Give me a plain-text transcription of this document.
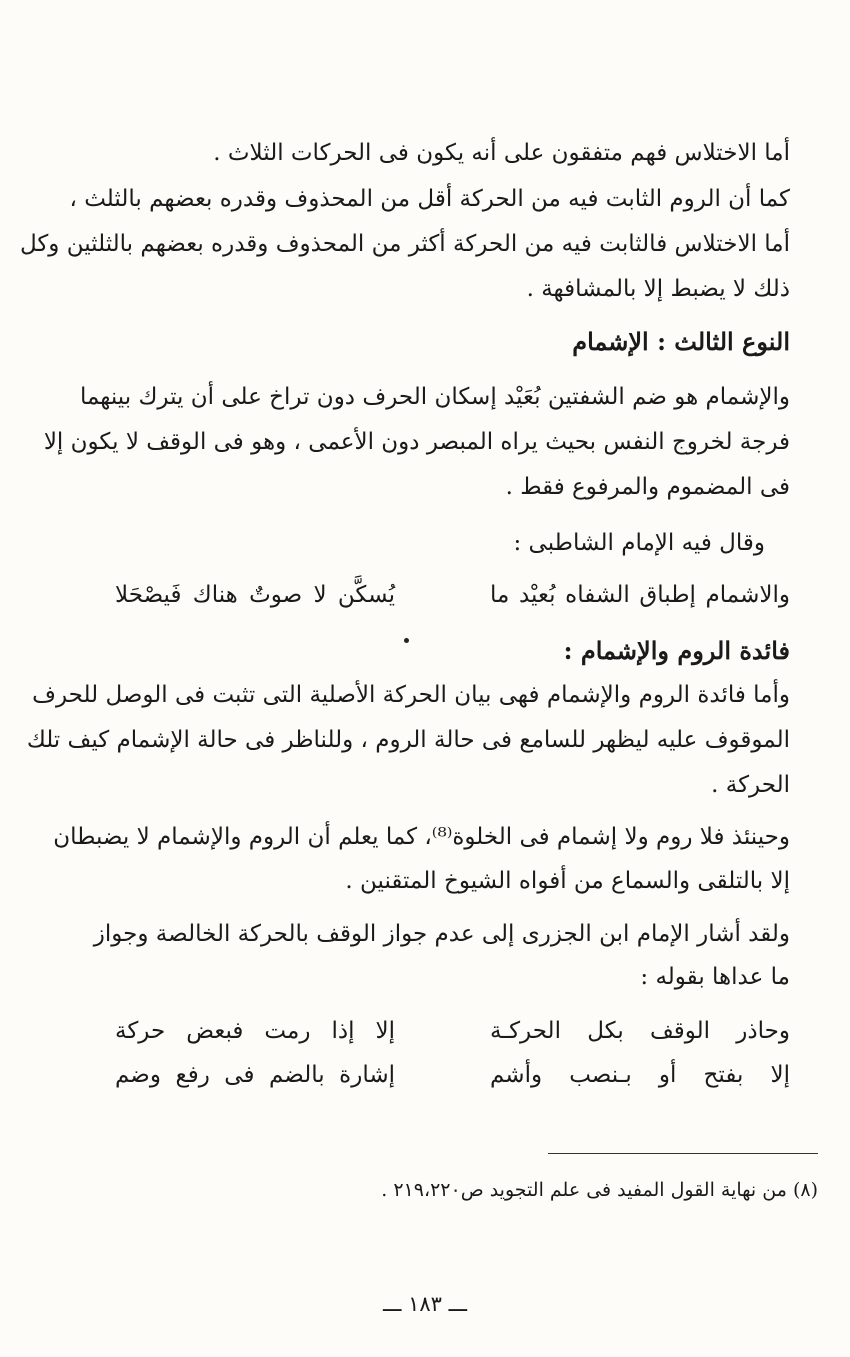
أما الاختلاس فهم متفقون على أنه يكون فى الحركات الثلاث .
كما أن الروم الثابت فيه من الحركة أقل من المحذوف وقدره بعضهم بالثلث ،
أما الاختلاس فالثابت فيه من الحركة أكثر من المحذوف وقدره بعضهم بالثلثين وكل
ذلك لا يضبط إلا بالمشافهة .
النوع الثالث : الإشمام
والإشمام هو ضم الشفتين بُعَيْد إسكان الحرف دون تراخ على أن يترك بينهما
فرجة لخروج النفس بحيث يراه المبصر دون الأعمى ، وهو فى الوقف لا يكون إلا
فى المضموم والمرفوع فقط .
وقال فيه الإمام الشاطبى :
والاشمام إطباق الشفاه بُعيْد ما
يُسكَّن لا صوتٌ هناك فَيصْحَلا
فائدة الروم والإشمام :
وأما فائدة الروم والإشمام فهى بيان الحركة الأصلية التى تثبت فى الوصل للحرف
الموقوف عليه ليظهر للسامع فى حالة الروم ، وللناظر فى حالة الإشمام كيف تلك
الحركة .
وحينئذ فلا روم ولا إشمام فى الخلوة⁽⁸⁾، كما يعلم أن الروم والإشمام لا يضبطان
إلا بالتلقى والسماع من أفواه الشيوخ المتقنين .
ولقد أشار الإمام ابن الجزرى إلى عدم جواز الوقف بالحركة الخالصة وجواز
ما عداها بقوله :
وحاذر الوقف بكل الحركـة
إلا إذا رمت فبعض حركة
إلا بفتح أو بـنصب وأشم
إشارة بالضم فى رفع وضم
(٨) من نهاية القول المفيد فى علم التجويد ص٢١٩،٢٢٠ .
ـــ ١٨٣ ـــ
